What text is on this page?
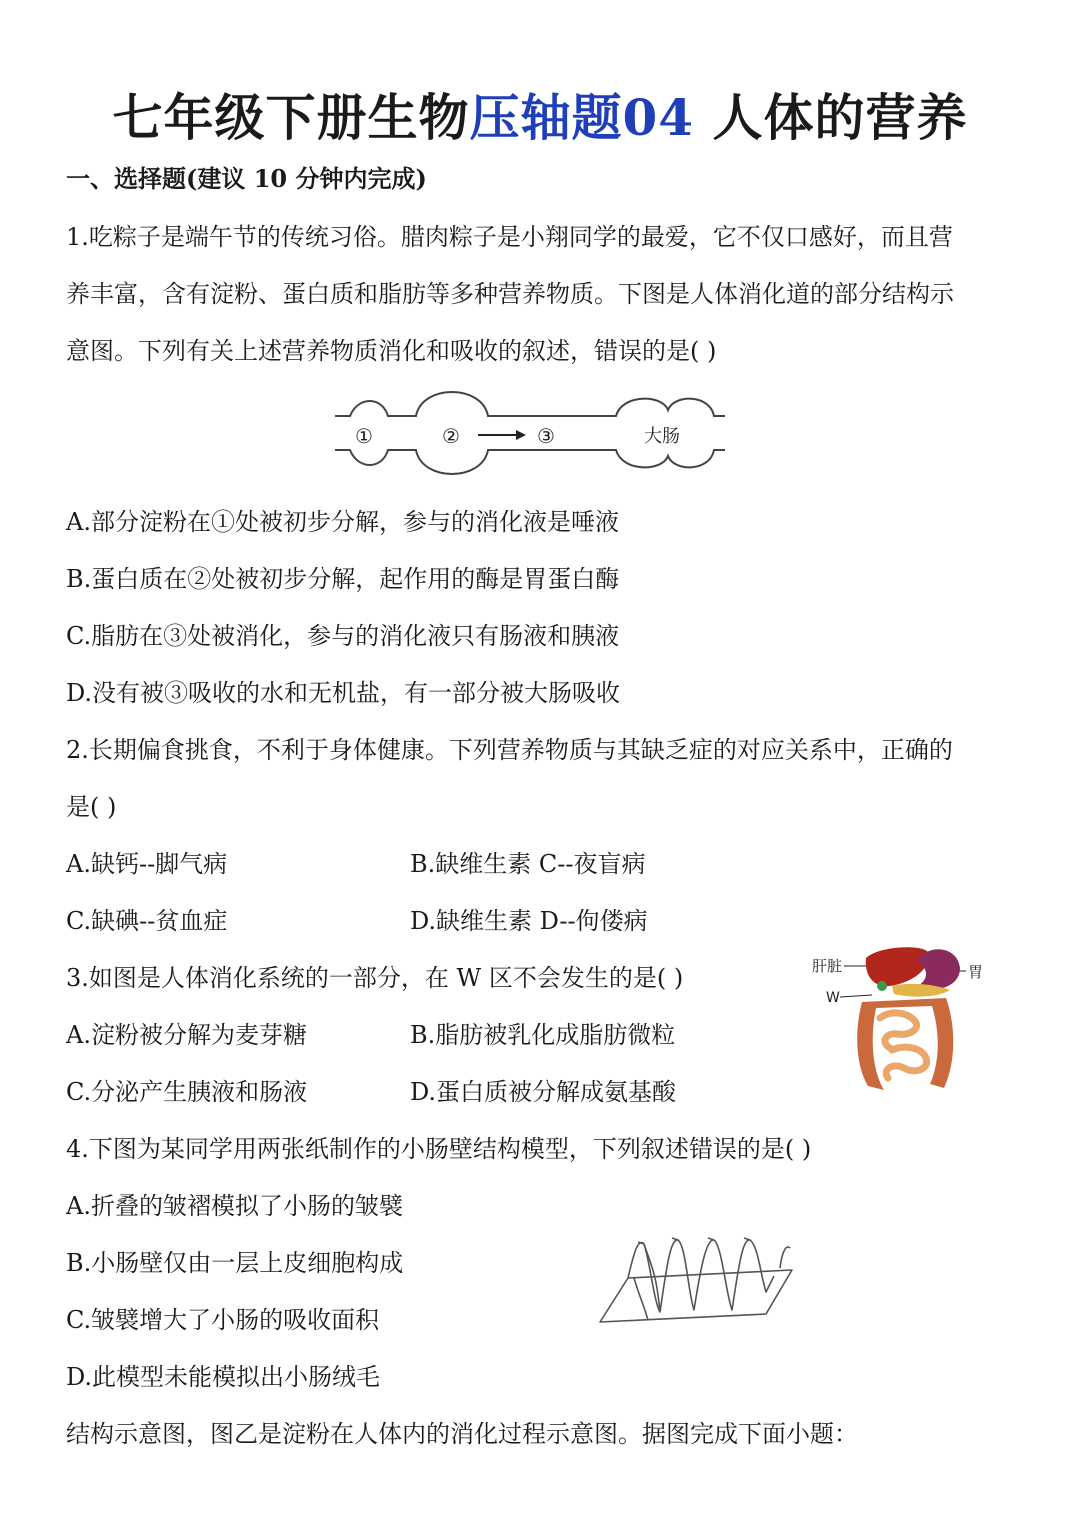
七年级下册生物压轴题04 人体的营养
一、选择题(建议 10 分钟内完成)
1.吃粽子是端午节的传统习俗。腊肉粽子是小翔同学的最爱，它不仅口感好，而且营
养丰富，含有淀粉、蛋白质和脂肪等多种营养物质。下图是人体消化道的部分结构示
意图。下列有关上述营养物质消化和吸收的叙述，错误的是( )
①	②	③	大肠
A.部分淀粉在①处被初步分解，参与的消化液是唾液
B.蛋白质在②处被初步分解，起作用的酶是胃蛋白酶
C.脂肪在③处被消化，参与的消化液只有肠液和胰液
D.没有被③吸收的水和无机盐，有一部分被大肠吸收
2.长期偏食挑食，不利于身体健康。下列营养物质与其缺乏症的对应关系中，正确的
是( )
A.缺钙--脚气病	B.缺维生素 C--夜盲病
C.缺碘--贫血症	D.缺维生素 D--佝偻病
3.如图是人体消化系统的一部分，在 W 区不会发生的是( )
A.淀粉被分解为麦芽糖	B.脂肪被乳化成脂肪微粒
C.分泌产生胰液和肠液	D.蛋白质被分解成氨基酸
肝脏	胃
W
4.下图为某同学用两张纸制作的小肠壁结构模型，下列叙述错误的是( )
A.折叠的皱褶模拟了小肠的皱襞
B.小肠壁仅由一层上皮细胞构成
C.皱襞增大了小肠的吸收面积
D.此模型未能模拟出小肠绒毛
结构示意图，图乙是淀粉在人体内的消化过程示意图。据图完成下面小题：
